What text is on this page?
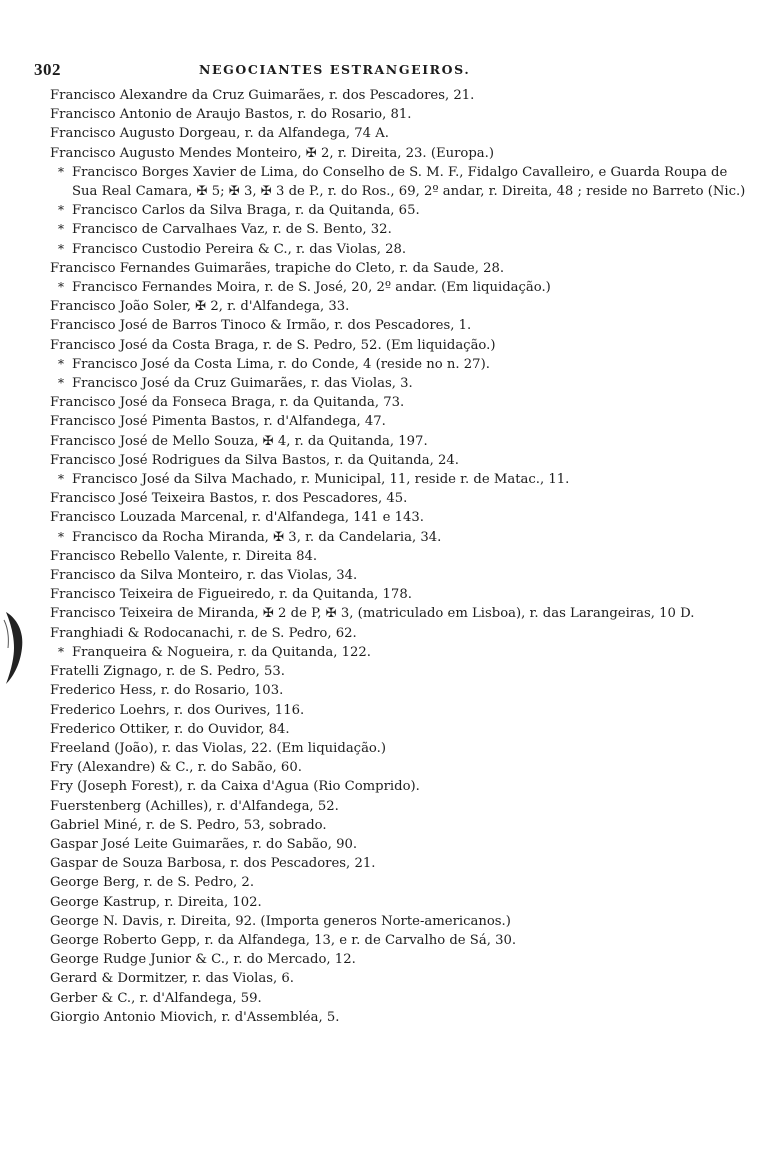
302	NEGOCIANTES ESTRANGEIROS.
Francisco Alexandre da Cruz Guimarães, r. dos Pescadores, 21.
Francisco Antonio de Araujo Bastos, r. do Rosario, 81.
Francisco Augusto Dorgeau, r. da Alfandega, 74 A.
Francisco Augusto Mendes Monteiro, ✠ 2, r. Direita, 23. (Europa.)
* Francisco Borges Xavier de Lima, do Conselho de S. M. F., Fidalgo Cavalleiro, e Guarda Roupa de Sua Real Camara, ✠ 5; ✠ 3, ✠ 3 de P., r. do Ros., 69, 2º andar, r. Direita, 48 ; reside no Barreto (Nic.)
* Francisco Carlos da Silva Braga, r. da Quitanda, 65.
* Francisco de Carvalhaes Vaz, r. de S. Bento, 32.
* Francisco Custodio Pereira & C., r. das Violas, 28.
Francisco Fernandes Guimarães, trapiche do Cleto, r. da Saude, 28.
* Francisco Fernandes Moira, r. de S. José, 20, 2º andar. (Em liquidação.)
Francisco João Soler, ✠ 2, r. d'Alfandega, 33.
Francisco José de Barros Tinoco & Irmão, r. dos Pescadores, 1.
Francisco José da Costa Braga, r. de S. Pedro, 52. (Em liquidação.)
* Francisco José da Costa Lima, r. do Conde, 4 (reside no n. 27).
* Francisco José da Cruz Guimarães, r. das Violas, 3.
Francisco José da Fonseca Braga, r. da Quitanda, 73.
Francisco José Pimenta Bastos, r. d'Alfandega, 47.
Francisco José de Mello Souza, ✠ 4, r. da Quitanda, 197.
Francisco José Rodrigues da Silva Bastos, r. da Quitanda, 24.
* Francisco José da Silva Machado, r. Municipal, 11, reside r. de Matac., 11.
Francisco José Teixeira Bastos, r. dos Pescadores, 45.
Francisco Louzada Marcenal, r. d'Alfandega, 141 e 143.
* Francisco da Rocha Miranda, ✠ 3, r. da Candelaria, 34.
Francisco Rebello Valente, r. Direita 84.
Francisco da Silva Monteiro, r. das Violas, 34.
Francisco Teixeira de Figueiredo, r. da Quitanda, 178.
Francisco Teixeira de Miranda, ✠ 2 de P, ✠ 3, (matriculado em Lisboa), r. das Larangeiras, 10 D.
Franghiadi & Rodocanachi, r. de S. Pedro, 62.
* Franqueira & Nogueira, r. da Quitanda, 122.
Fratelli Zignago, r. de S. Pedro, 53.
Frederico Hess, r. do Rosario, 103.
Frederico Loehrs, r. dos Ourives, 116.
Frederico Ottiker, r. do Ouvidor, 84.
Freeland (João), r. das Violas, 22. (Em liquidação.)
Fry (Alexandre) & C., r. do Sabão, 60.
Fry (Joseph Forest), r. da Caixa d'Agua (Rio Comprido).
Fuerstenberg (Achilles), r. d'Alfandega, 52.
Gabriel Miné, r. de S. Pedro, 53, sobrado.
Gaspar José Leite Guimarães, r. do Sabão, 90.
Gaspar de Souza Barbosa, r. dos Pescadores, 21.
George Berg, r. de S. Pedro, 2.
George Kastrup, r. Direita, 102.
George N. Davis, r. Direita, 92. (Importa generos Norte-americanos.)
George Roberto Gepp, r. da Alfandega, 13, e r. de Carvalho de Sá, 30.
George Rudge Junior & C., r. do Mercado, 12.
Gerard & Dormitzer, r. das Violas, 6.
Gerber & C., r. d'Alfandega, 59.
Giorgio Antonio Miovich, r. d'Assembléa, 5.
